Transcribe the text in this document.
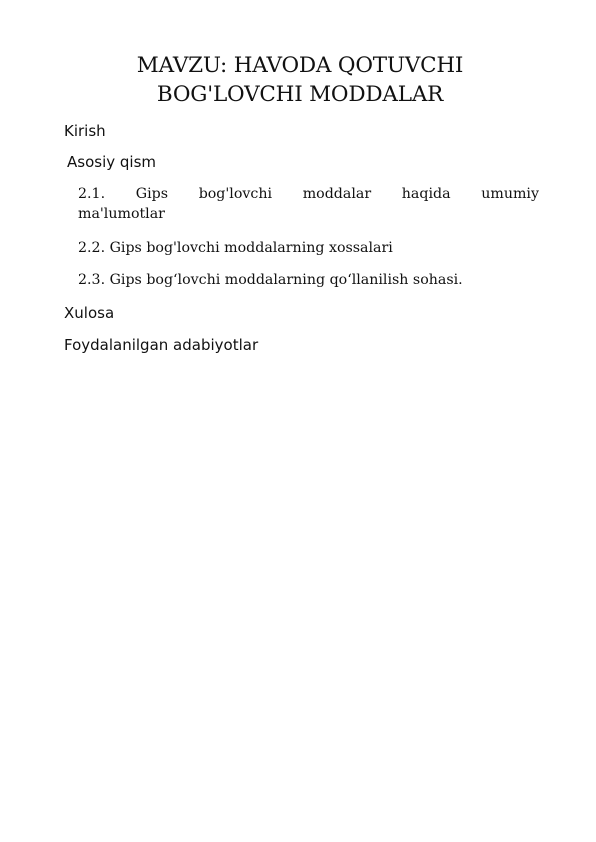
MAVZU: HAVODA QOTUVCHI
BOG'LOVCHI MODDALAR

Kirish

Asosiy qism

2.1. Gips bog'lovchi moddalar haqida umumiy
ma'lumotlar

2.2. Gips bog'lovchi moddalarning xossalari

2.3. Gips bog‘lovchi moddalarning qo‘llanilish sohasi.

Xulosa

Foydalanilgan adabiyotlar
